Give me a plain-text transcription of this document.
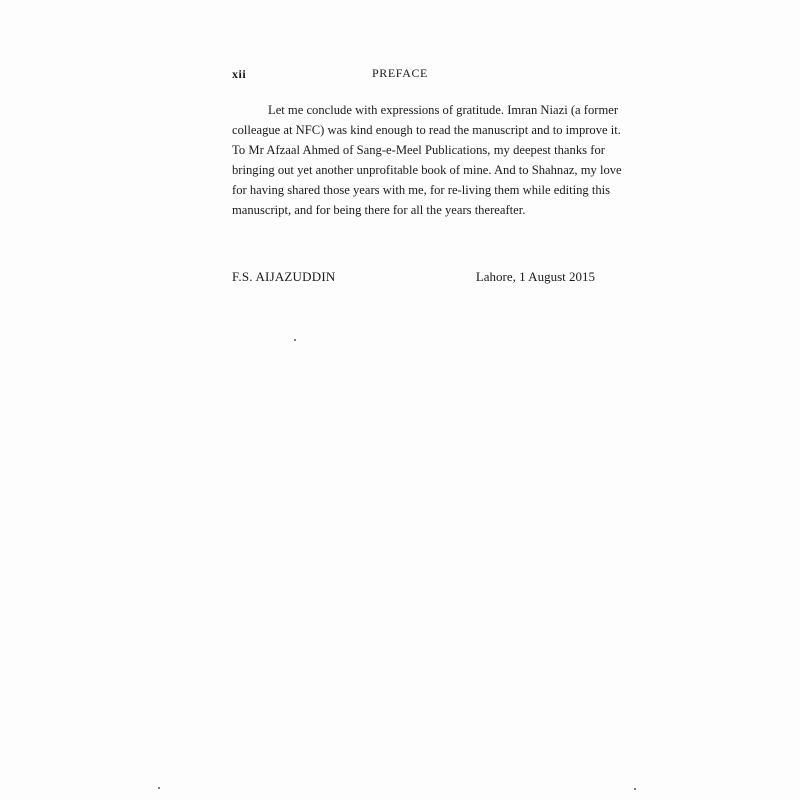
xii	PREFACE

Let me conclude with expressions of gratitude. Imran Niazi (a former
colleague at NFC) was kind enough to read the manuscript and to improve it.
To Mr Afzaal Ahmed of Sang-e-Meel Publications, my deepest thanks for
bringing out yet another unprofitable book of mine. And to Shahnaz, my love
for having shared those years with me, for re-living them while editing this
manuscript, and for being there for all the years thereafter.

F.S. AIJAZUDDIN	Lahore, 1 August 2015
